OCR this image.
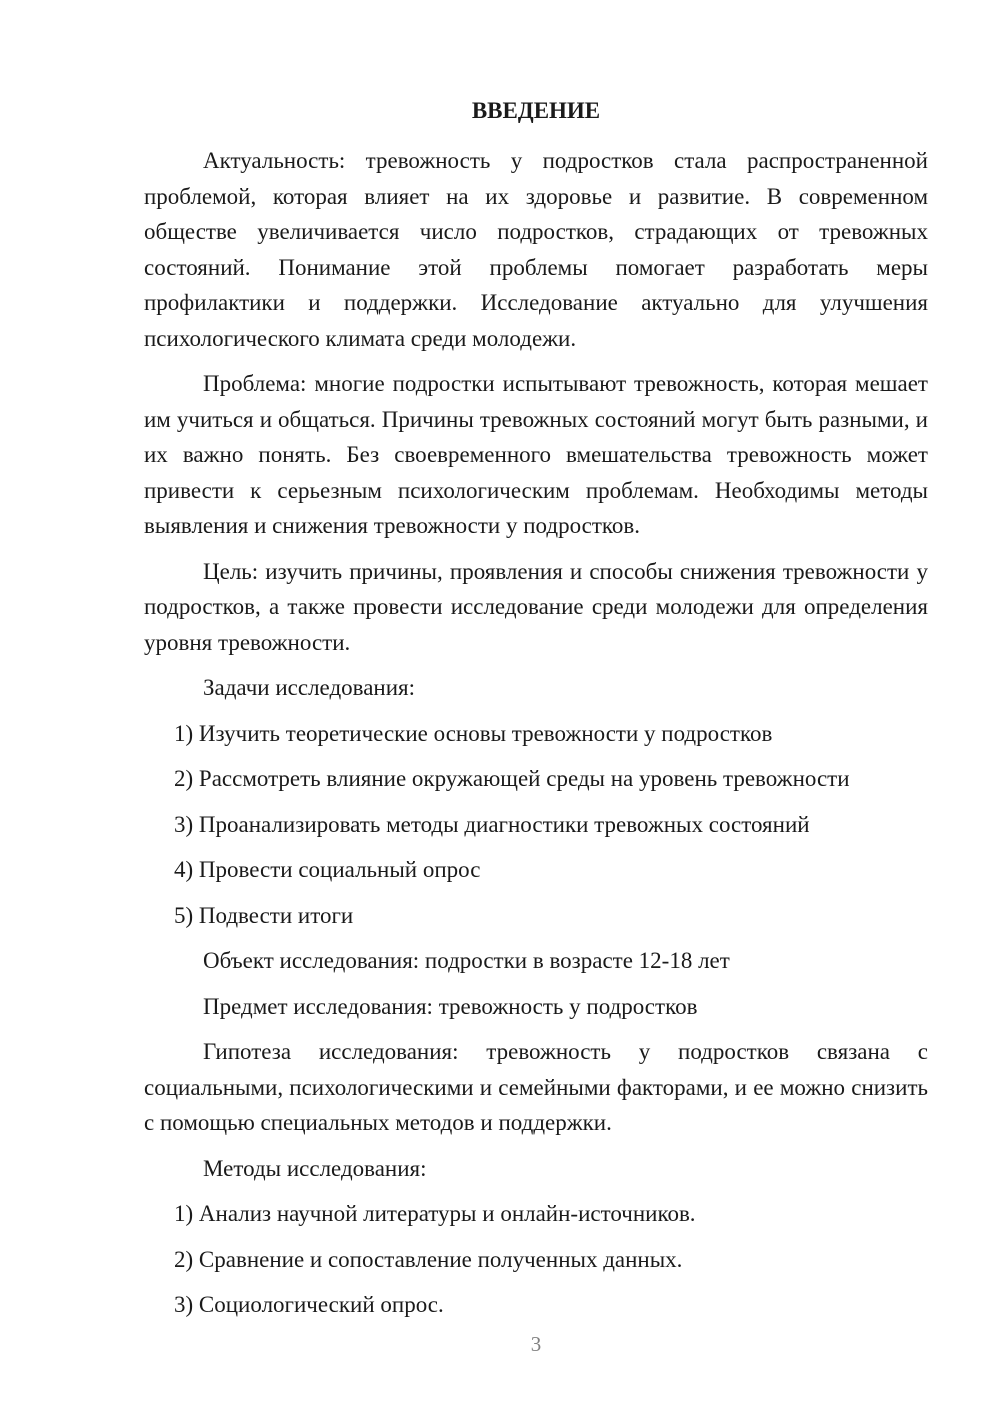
ВВЕДЕНИЕ

Актуальность: тревожность у подростков стала распространенной проблемой, которая влияет на их здоровье и развитие. В современном обществе увеличивается число подростков, страдающих от тревожных состояний. Понимание этой проблемы помогает разработать меры профилактики и поддержки. Исследование актуально для улучшения психологического климата среди молодежи.

Проблема: многие подростки испытывают тревожность, которая мешает им учиться и общаться. Причины тревожных состояний могут быть разными, и их важно понять. Без своевременного вмешательства тревожность может привести к серьезным психологическим проблемам. Необходимы методы выявления и снижения тревожности у подростков.

Цель: изучить причины, проявления и способы снижения тревожности у подростков, а также провести исследование среди молодежи для определения уровня тревожности.

Задачи исследования:

1) Изучить теоретические основы тревожности у подростков

2) Рассмотреть влияние окружающей среды на уровень тревожности

3) Проанализировать методы диагностики тревожных состояний

4) Провести социальный опрос

5) Подвести итоги

Объект исследования: подростки в возрасте 12-18 лет

Предмет исследования: тревожность у подростков

Гипотеза исследования: тревожность у подростков связана с социальными, психологическими и семейными факторами, и ее можно снизить с помощью специальных методов и поддержки.

Методы исследования:

1) Анализ научной литературы и онлайн-источников.

2) Сравнение и сопоставление полученных данных.

3) Социологический опрос.

3
